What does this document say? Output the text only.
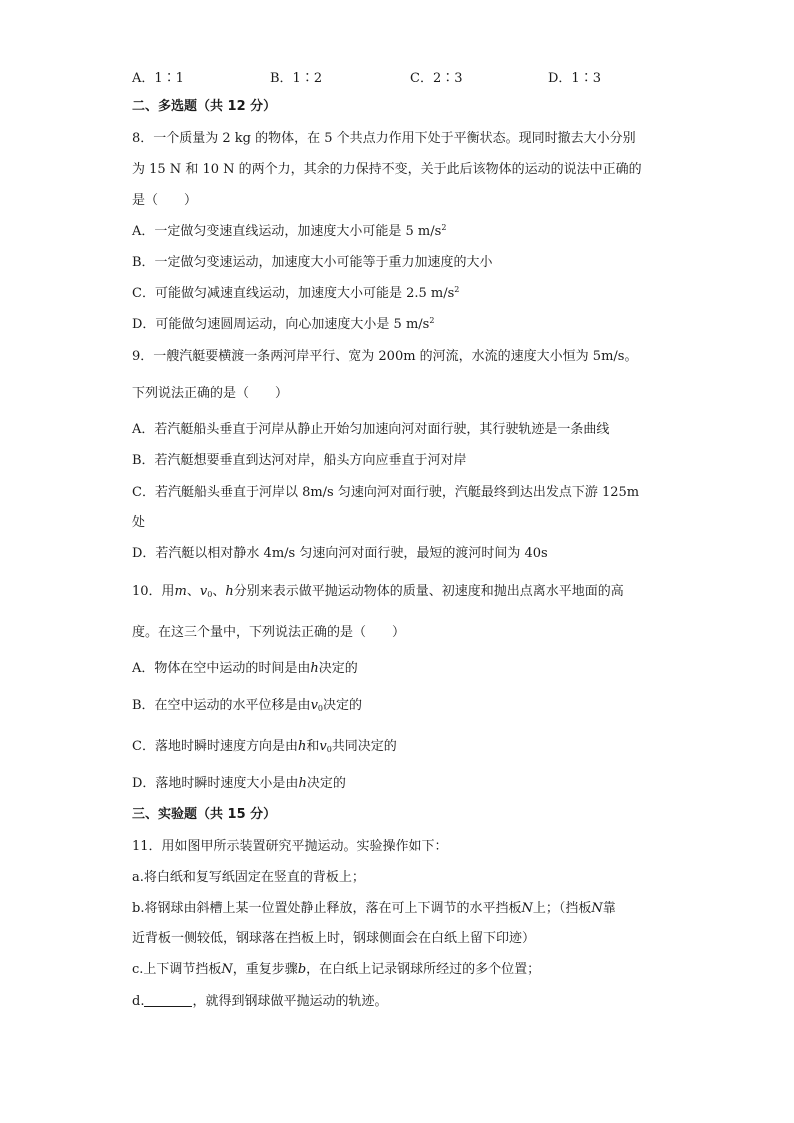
A．1∶1	B．1∶2	C．2∶3	D．1∶3
二、多选题（共 12 分）
8．一个质量为 2 kg 的物体，在 5 个共点力作用下处于平衡状态。现同时撤去大小分别
为 15 N 和 10 N 的两个力，其余的力保持不变，关于此后该物体的运动的说法中正确的
是（　　）
A．一定做匀变速直线运动，加速度大小可能是 5 $m/s^2$
B．一定做匀变速运动，加速度大小可能等于重力加速度的大小
C．可能做匀减速直线运动，加速度大小可能是 2.5 $m/s^2$
D．可能做匀速圆周运动，向心加速度大小是 5 $m/s^2$
9．一艘汽艇要横渡一条两河岸平行、宽为 200m 的河流，水流的速度大小恒为 5m/s。
下列说法正确的是（　　）
A．若汽艇船头垂直于河岸从静止开始匀加速向河对面行驶，其行驶轨迹是一条曲线
B．若汽艇想要垂直到达河对岸，船头方向应垂直于河对岸
C．若汽艇船头垂直于河岸以 8m/s 匀速向河对面行驶，汽艇最终到达出发点下游 125m
处
D．若汽艇以相对静水 4m/s 匀速向河对面行驶，最短的渡河时间为 40s
10．用m、v0、h分别来表示做平抛运动物体的质量、初速度和抛出点离水平地面的高
度。在这三个量中，下列说法正确的是（　　）
A．物体在空中运动的时间是由h决定的
B．在空中运动的水平位移是由v0决定的
C．落地时瞬时速度方向是由h和v0共同决定的
D．落地时瞬时速度大小是由h决定的
三、实验题（共 15 分）
11．用如图甲所示装置研究平抛运动。实验操作如下：
a.将白纸和复写纸固定在竖直的背板上；
b.将钢球由斜槽上某一位置处静止释放，落在可上下调节的水平挡板N上；（挡板N靠
近背板一侧较低，钢球落在挡板上时，钢球侧面会在白纸上留下印迹）
c.上下调节挡板N，重复步骤b，在白纸上记录钢球所经过的多个位置；
d.	，就得到钢球做平抛运动的轨迹。
